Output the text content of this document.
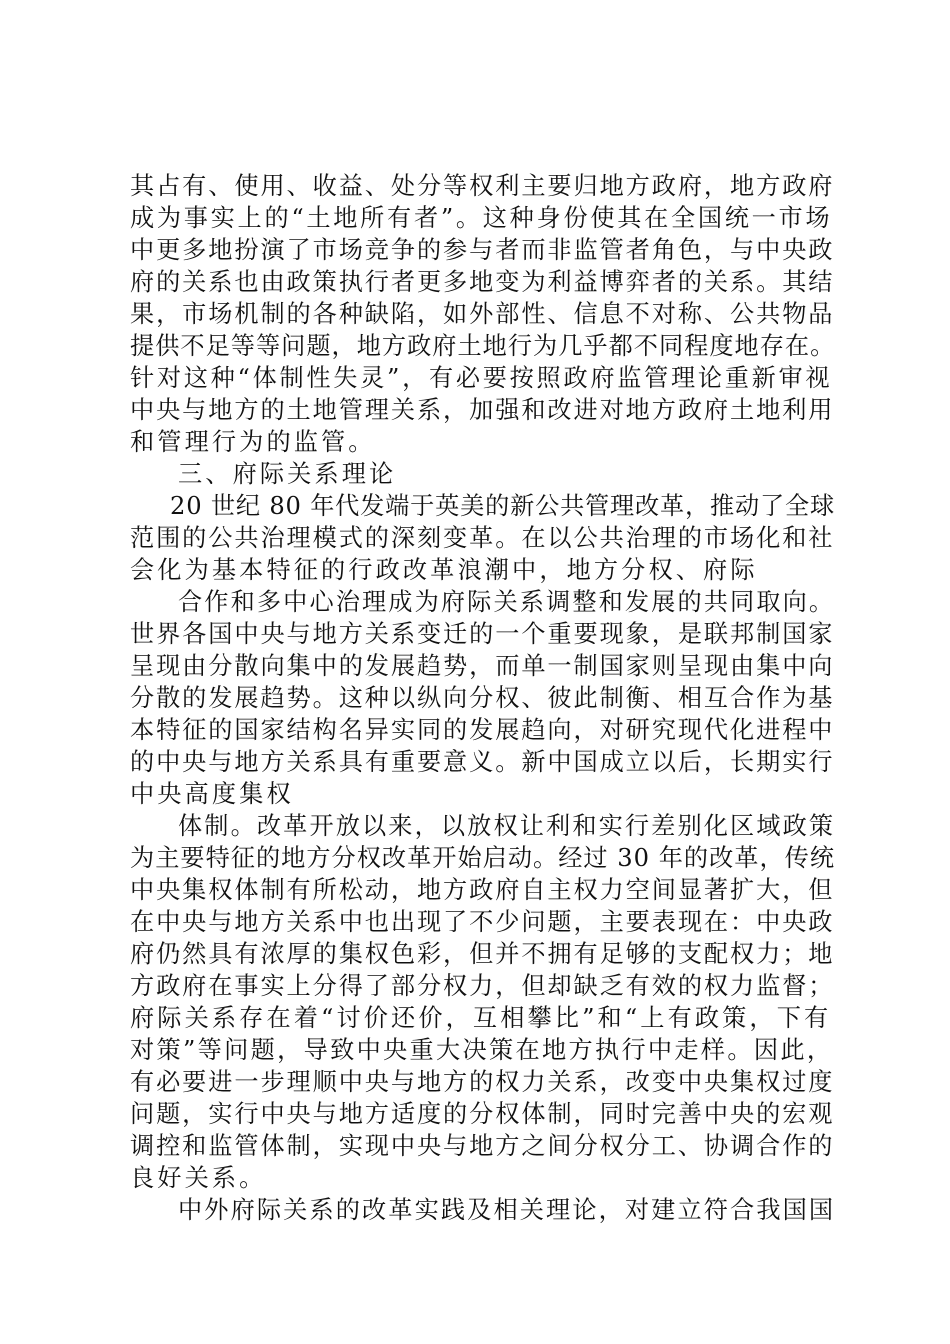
其占有、使用、收益、处分等权利主要归地方政府，地方政府
成为事实上的“土地所有者”。这种身份使其在全国统一市场
中更多地扮演了市场竞争的参与者而非监管者角色，与中央政
府的关系也由政策执行者更多地变为利益博弈者的关系。其结
果，市场机制的各种缺陷，如外部性、信息不对称、公共物品
提供不足等等问题，地方政府土地行为几乎都不同程度地存在。
针对这种“体制性失灵”，有必要按照政府监管理论重新审视
中央与地方的土地管理关系，加强和改进对地方政府土地利用
和管理行为的监管。
三、府际关系理论
20 世纪 80 年代发端于英美的新公共管理改革，推动了全球
范围的公共治理模式的深刻变革。在以公共治理的市场化和社
会化为基本特征的行政改革浪潮中，地方分权、府际
合作和多中心治理成为府际关系调整和发展的共同取向。
世界各国中央与地方关系变迁的一个重要现象，是联邦制国家
呈现由分散向集中的发展趋势，而单一制国家则呈现由集中向
分散的发展趋势。这种以纵向分权、彼此制衡、相互合作为基
本特征的国家结构名异实同的发展趋向，对研究现代化进程中
的中央与地方关系具有重要意义。新中国成立以后，长期实行
中央高度集权
体制。改革开放以来，以放权让利和实行差别化区域政策
为主要特征的地方分权改革开始启动。经过 30 年的改革，传统
中央集权体制有所松动，地方政府自主权力空间显著扩大，但
在中央与地方关系中也出现了不少问题，主要表现在：中央政
府仍然具有浓厚的集权色彩，但并不拥有足够的支配权力；地
方政府在事实上分得了部分权力，但却缺乏有效的权力监督；
府际关系存在着“讨价还价，互相攀比”和“上有政策，下有
对策”等问题，导致中央重大决策在地方执行中走样。因此，
有必要进一步理顺中央与地方的权力关系，改变中央集权过度
问题，实行中央与地方适度的分权体制，同时完善中央的宏观
调控和监管体制，实现中央与地方之间分权分工、协调合作的
良好关系。
中外府际关系的改革实践及相关理论，对建立符合我国国
